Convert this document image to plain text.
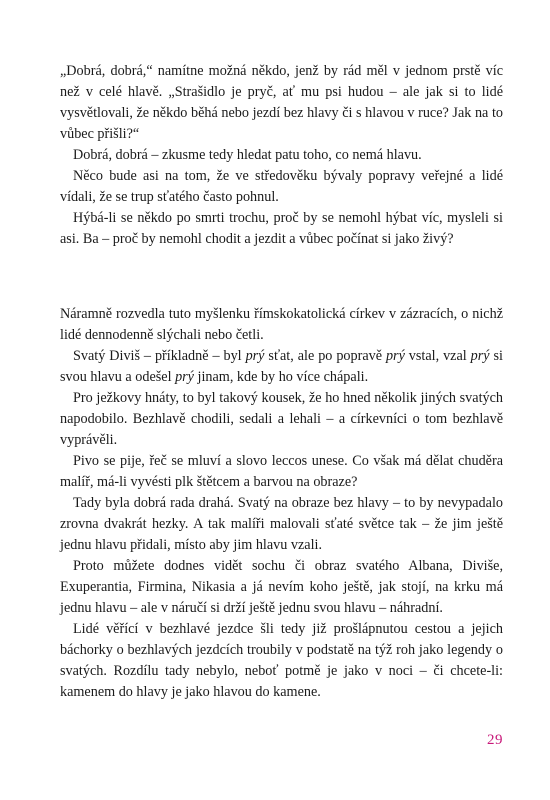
„Dobrá, dobrá,“ namítne možná někdo, jenž by rád měl v jednom prstě víc než v celé hlavě. „Strašidlo je pryč, ať mu psi hudou – ale jak si to lidé vysvětlovali, že někdo běhá nebo jezdí bez hlavy či s hlavou v ruce? Jak na to vůbec přišli?“

Dobrá, dobrá – zkusme tedy hledat patu toho, co nemá hlavu.

Něco bude asi na tom, že ve středověku bývaly popravy veřejné a lidé vídali, že se trup sťatého často pohnul.

Hýbá-li se někdo po smrti trochu, proč by se nemohl hýbat víc, mysleli si asi. Ba – proč by nemohl chodit a jezdit a vůbec počínat si jako živý?

Náramně rozvedla tuto myšlenku římskokatolická církev v zázracích, o nichž lidé dennodenně slýchali nebo četli.

Svatý Diviš – příkladně – byl prý sťat, ale po popravě prý vstal, vzal prý si svou hlavu a odešel prý jinam, kde by ho více chápali.

Pro ježkovy hnáty, to byl takový kousek, že ho hned několik jiných svatých napodobilo. Bezhlavě chodili, sedali a lehali – a církevníci o tom bezhlavě vyprávěli.

Pivo se pije, řeč se mluví a slovo leccos unese. Co však má dělat chuděra malíř, má-li vyvésti plk štětcem a barvou na obraze?

Tady byla dobrá rada drahá. Svatý na obraze bez hlavy – to by nevypadalo zrovna dvakrát hezky. A tak malíři malovali sťaté světce tak – že jim ještě jednu hlavu přidali, místo aby jim hlavu vzali.

Proto můžete dodnes vidět sochu či obraz svatého Albana, Diviše, Exuperantia, Firmina, Nikasia a já nevím koho ještě, jak stojí, na krku má jednu hlavu – ale v náručí si drží ještě jednu svou hlavu – náhradní.

Lidé věřící v bezhlavé jezdce šli tedy již prošlápnutou cestou a jejich báchorky o bezhlavých jezdcích troubily v podstatě na týž roh jako legendy o svatých. Rozdílu tady nebylo, neboť potmě je jako v noci – či chcete-li: kamenem do hlavy je jako hlavou do kamene.

29
